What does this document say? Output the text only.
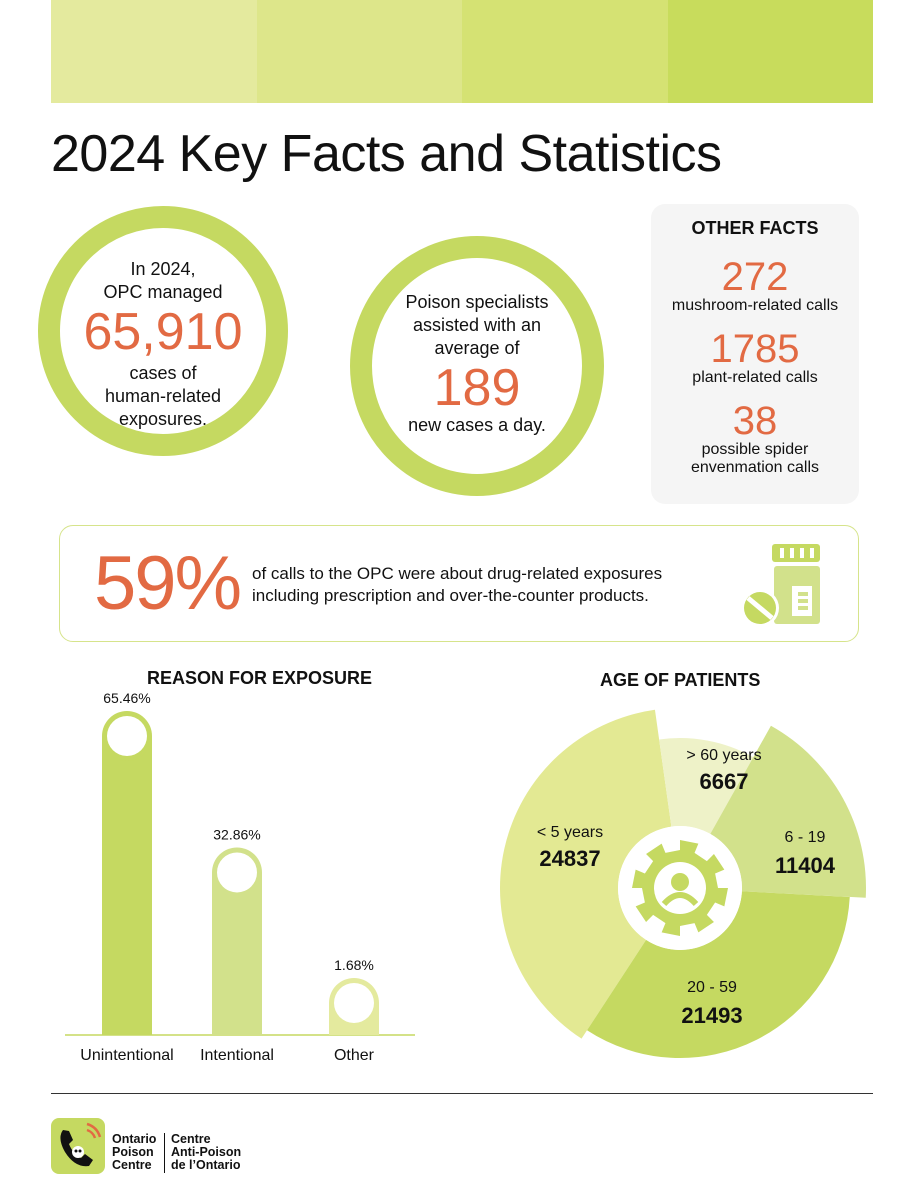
2024 Key Facts and Statistics
In 2024,
OPC managed
65,910
cases of
human-related
exposures.
Poison specialists
assisted with an
average of
189
new cases a day.
OTHER FACTS
272
mushroom-related calls
1785
plant-related calls
38
possible spider envenmation calls
59% of calls to the OPC were about drug-related exposures
including prescription and over-the-counter products.
REASON FOR EXPOSURE	AGE OF PATIENTS
65.46%
Unintentional
32.86%
Intentional
1.68%
Other
< 5 years
24837
> 60 years
6667
6 - 19
11404
20 - 59
21493
Ontario
Poison
Centre
Centre
Anti-Poison
de l’Ontario
